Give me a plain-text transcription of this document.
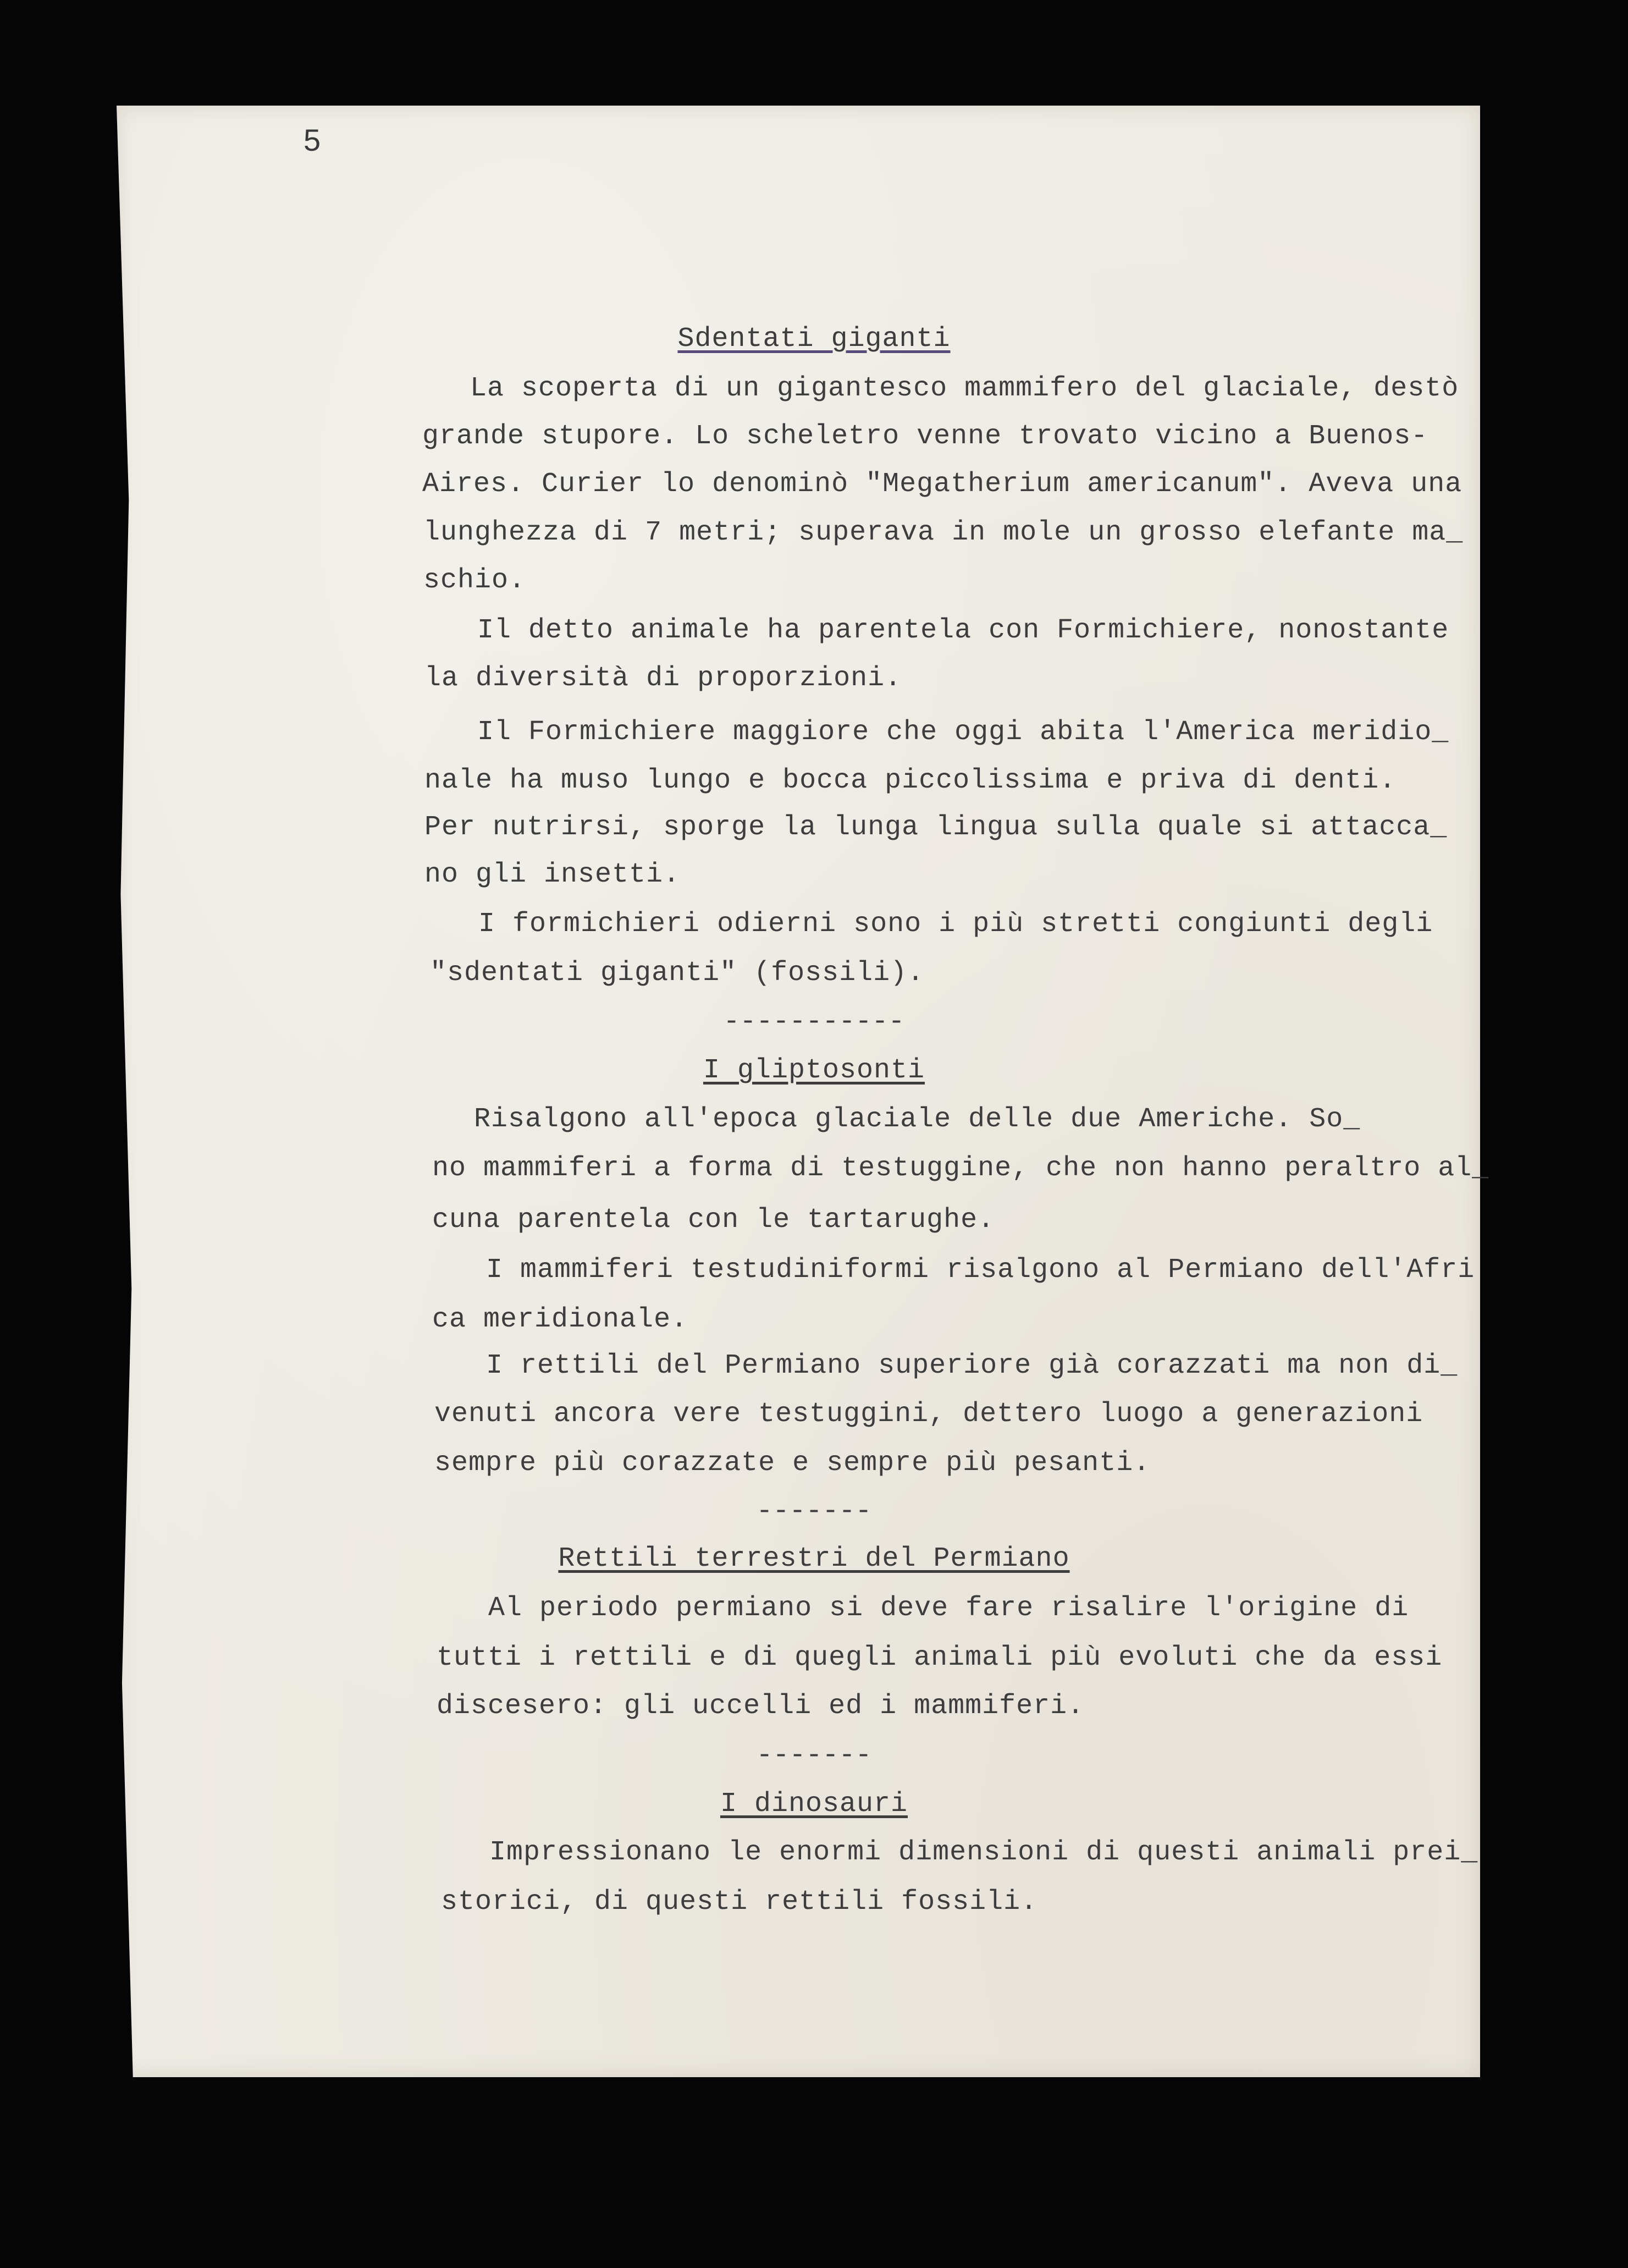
5
Sdentati giganti
La scoperta di un gigantesco mammifero del glaciale, destò
grande stupore. Lo scheletro venne trovato vicino a Buenos-
Aires. Curier lo denominò "Megatherium americanum". Aveva una
lunghezza di 7 metri; superava in mole un grosso elefante ma_
schio.
Il detto animale ha parentela con Formichiere, nonostante
la diversità di proporzioni.
Il Formichiere maggiore che oggi abita l'America meridio_
nale ha muso lungo e bocca piccolissima e priva di denti.
Per nutrirsi, sporge la lunga lingua sulla quale si attacca_
no gli insetti.
I formichieri odierni sono i più stretti congiunti degli
"sdentati giganti" (fossili).
-----------
I gliptosonti
Risalgono all'epoca glaciale delle due Americhe. So_
no mammiferi a forma di testuggine, che non hanno peraltro al_
cuna parentela con le tartarughe.
I mammiferi testudiniformi risalgono al Permiano dell'Afri
ca meridionale.
I rettili del Permiano superiore già corazzati ma non di_
venuti ancora vere testuggini, dettero luogo a generazioni
sempre più corazzate e sempre più pesanti.
-------
Rettili terrestri del Permiano
Al periodo permiano si deve fare risalire l'origine di
tutti i rettili e di quegli animali più evoluti che da essi
discesero: gli uccelli ed i mammiferi.
-------
I dinosauri
Impressionano le enormi dimensioni di questi animali prei_
storici, di questi rettili fossili.
